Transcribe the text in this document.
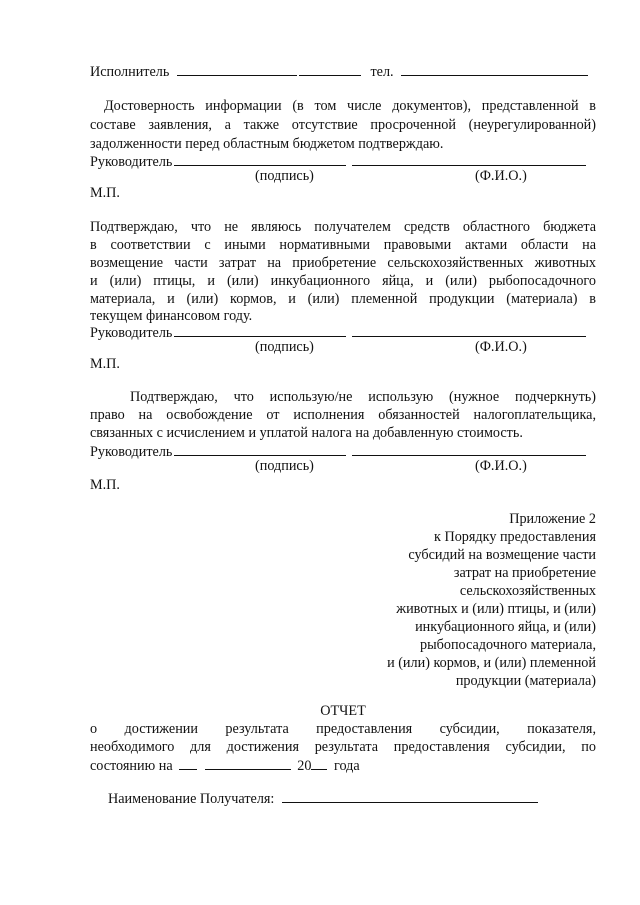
Исполнитель	тел.
Достоверность информации (в том числе документов), представленной в
составе заявления, а также отсутствие просроченной (неурегулированной)
задолженности перед областным бюджетом подтверждаю.
Руководитель
(подпись)	(Ф.И.О.)
М.П.
Подтверждаю, что не являюсь получателем средств областного бюджета
в соответствии с иными нормативными правовыми актами области на
возмещение части затрат на приобретение сельскохозяйственных животных
и (или) птицы, и (или) инкубационного яйца, и (или) рыбопосадочного
материала, и (или) кормов, и (или) племенной продукции (материала) в
текущем финансовом году.
Руководитель
(подпись)	(Ф.И.О.)
М.П.
Подтверждаю, что использую/не использую (нужное подчеркнуть)
право на освобождение от исполнения обязанностей налогоплательщика,
связанных с исчислением и уплатой налога на добавленную стоимость.
Руководитель
(подпись)	(Ф.И.О.)
М.П.
Приложение 2
к Порядку предоставления
субсидий на возмещение части
затрат на приобретение
сельскохозяйственных
животных и (или) птицы, и (или)
инкубационного яйца, и (или)
рыбопосадочного материала,
и (или) кормов, и (или) племенной
продукции (материала)
ОТЧЕТ
о достижении результата предоставления субсидии, показателя,
необходимого для достижения результата предоставления субсидии, по
состоянию на	20 года
Наименование Получателя:
